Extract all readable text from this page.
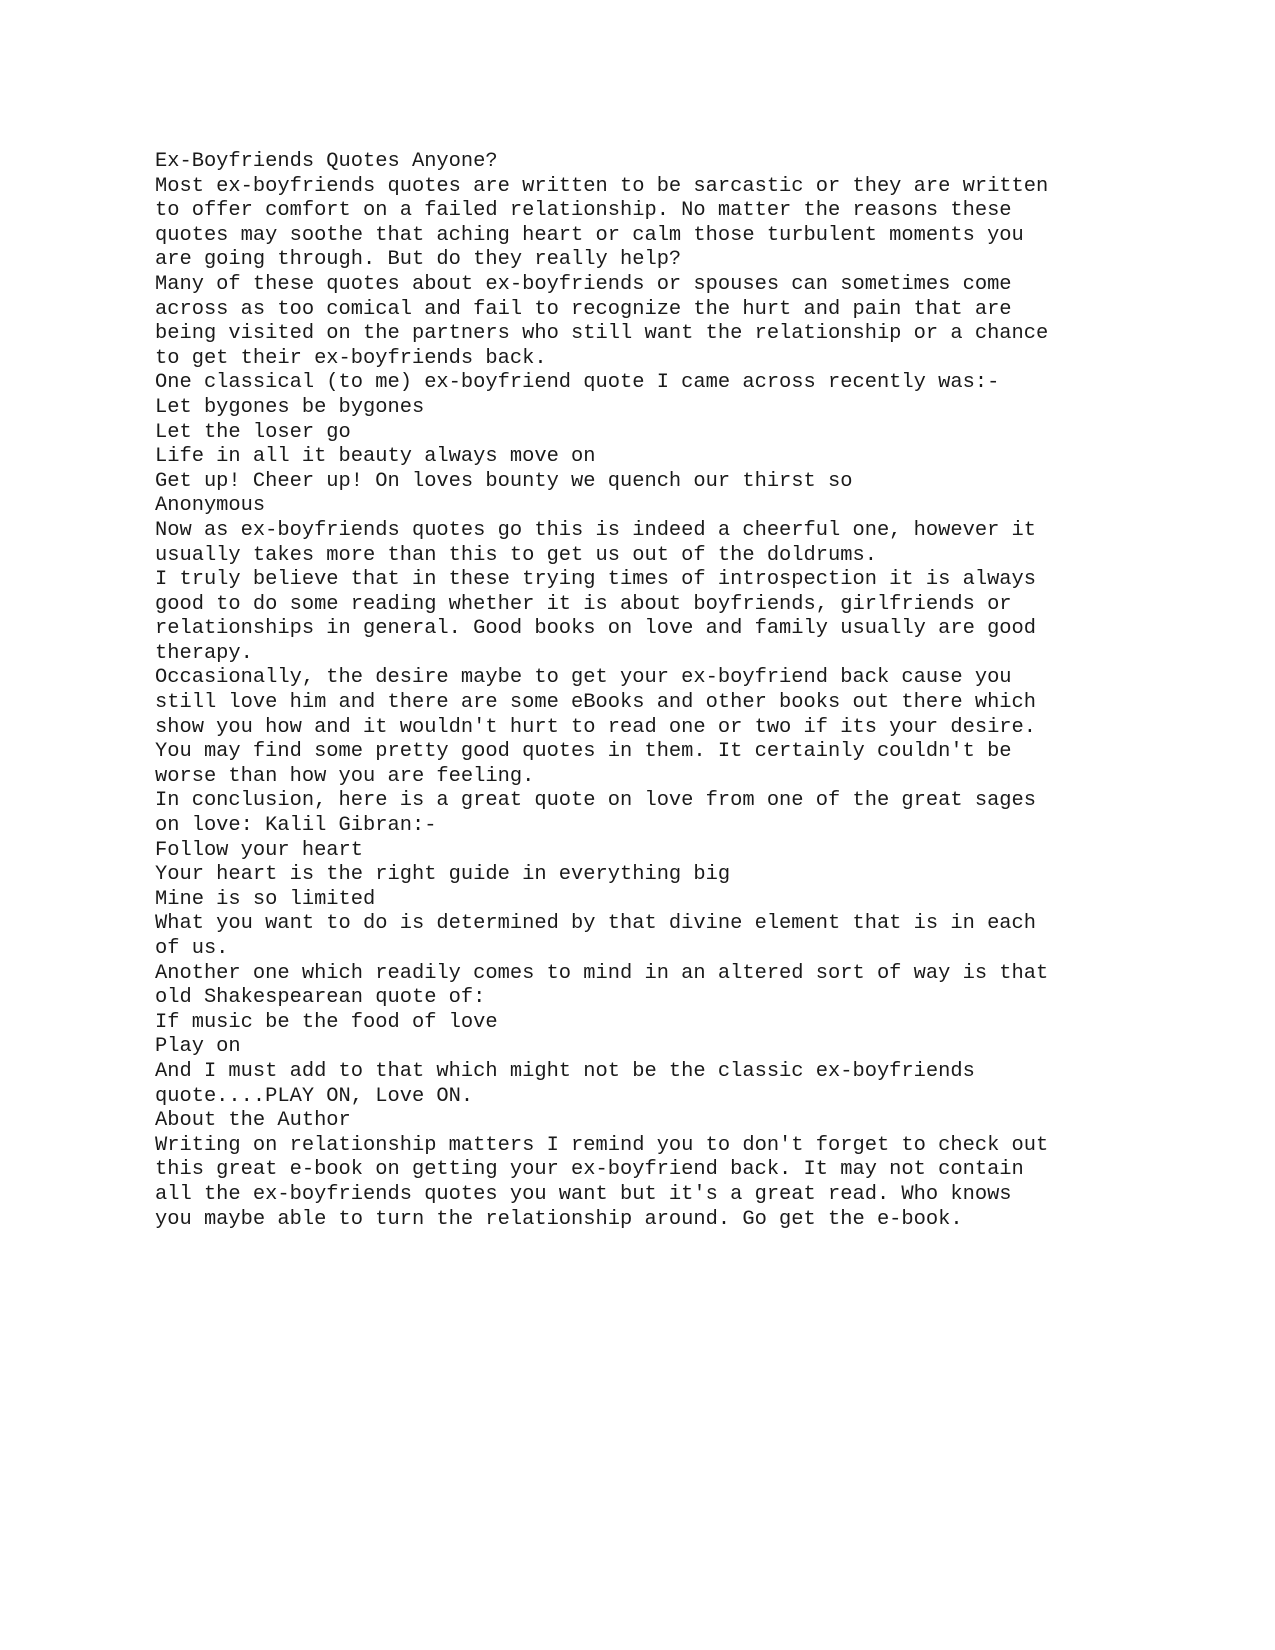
Ex-Boyfriends Quotes Anyone?
Most ex-boyfriends quotes are written to be sarcastic or they are written
to offer comfort on a failed relationship. No matter the reasons these
quotes may soothe that aching heart or calm those turbulent moments you
are going through. But do they really help?
Many of these quotes about ex-boyfriends or spouses can sometimes come
across as too comical and fail to recognize the hurt and pain that are
being visited on the partners who still want the relationship or a chance
to get their ex-boyfriends back.
One classical (to me) ex-boyfriend quote I came across recently was:-
Let bygones be bygones
Let the loser go
Life in all it beauty always move on
Get up! Cheer up! On loves bounty we quench our thirst so
Anonymous
Now as ex-boyfriends quotes go this is indeed a cheerful one, however it
usually takes more than this to get us out of the doldrums.
I truly believe that in these trying times of introspection it is always
good to do some reading whether it is about boyfriends, girlfriends or
relationships in general. Good books on love and family usually are good
therapy.
Occasionally, the desire maybe to get your ex-boyfriend back cause you
still love him and there are some eBooks and other books out there which
show you how and it wouldn't hurt to read one or two if its your desire.
You may find some pretty good quotes in them. It certainly couldn't be
worse than how you are feeling.
In conclusion, here is a great quote on love from one of the great sages
on love: Kalil Gibran:-
Follow your heart
Your heart is the right guide in everything big
Mine is so limited
What you want to do is determined by that divine element that is in each
of us.
Another one which readily comes to mind in an altered sort of way is that
old Shakespearean quote of:
If music be the food of love
Play on
And I must add to that which might not be the classic ex-boyfriends
quote....PLAY ON, Love ON.
About the Author
Writing on relationship matters I remind you to don't forget to check out
this great e-book on getting your ex-boyfriend back. It may not contain
all the ex-boyfriends quotes you want but it's a great read. Who knows
you maybe able to turn the relationship around. Go get the e-book.
